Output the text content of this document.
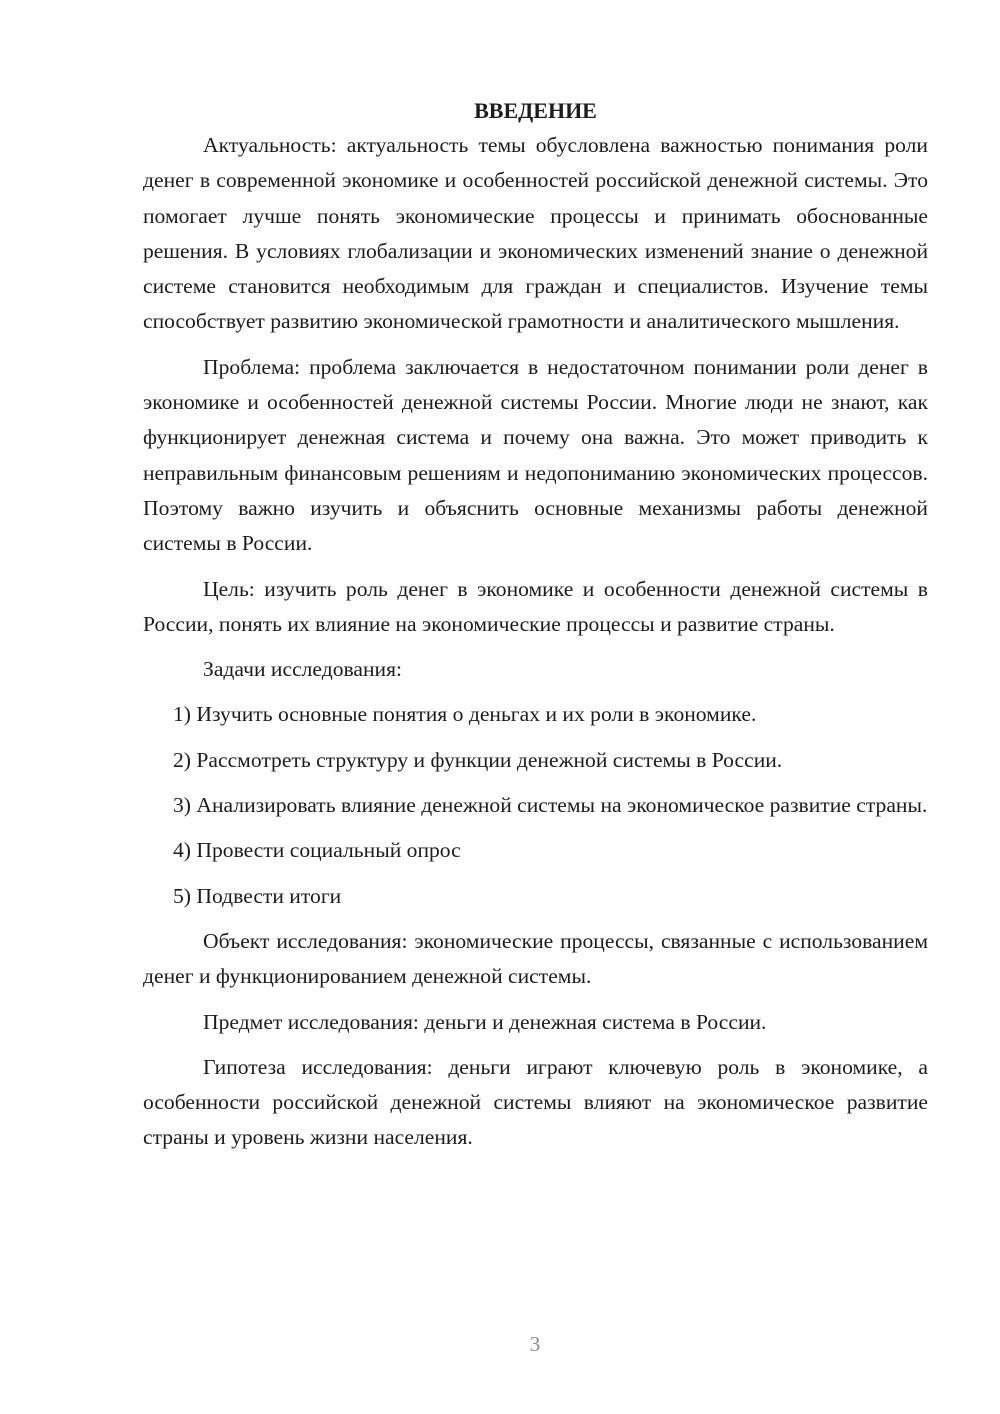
ВВЕДЕНИЕ

Актуальность: актуальность темы обусловлена важностью понимания роли денег в современной экономике и особенностей российской денежной системы. Это помогает лучше понять экономические процессы и принимать обоснованные решения. В условиях глобализации и экономических изменений знание о денежной системе становится необходимым для граждан и специалистов. Изучение темы способствует развитию экономической грамотности и аналитического мышления.

Проблема: проблема заключается в недостаточном понимании роли денег в экономике и особенностей денежной системы России. Многие люди не знают, как функционирует денежная система и почему она важна. Это может приводить к неправильным финансовым решениям и недопониманию экономических процессов. Поэтому важно изучить и объяснить основные механизмы работы денежной системы в России.

Цель: изучить роль денег в экономике и особенности денежной системы в России, понять их влияние на экономические процессы и развитие страны.

Задачи исследования:

1) Изучить основные понятия о деньгах и их роли в экономике.

2) Рассмотреть структуру и функции денежной системы в России.

3) Анализировать влияние денежной системы на экономическое развитие страны.

4) Провести социальный опрос

5) Подвести итоги

Объект исследования: экономические процессы, связанные с использованием денег и функционированием денежной системы.

Предмет исследования: деньги и денежная система в России.

Гипотеза исследования: деньги играют ключевую роль в экономике, а особенности российской денежной системы влияют на экономическое развитие страны и уровень жизни населения.

3
